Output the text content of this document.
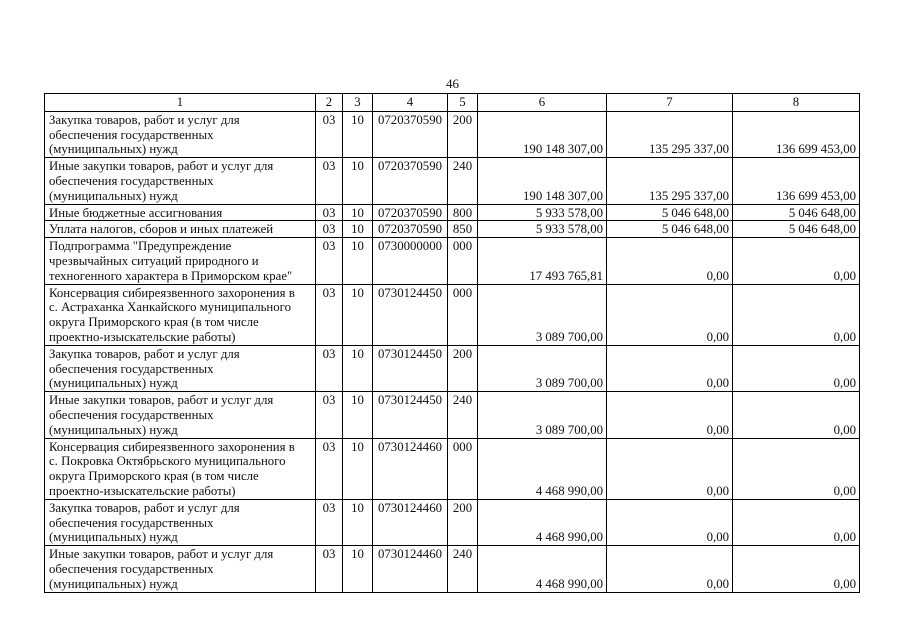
46
1	2	3	4	5	6	7	8

Закупка товаров, работ и услуг для
обеспечения государственных
(муниципальных) нужд	03	10	0720370590	200	190 148 307,00	135 295 337,00	136 699 453,00

Иные закупки товаров, работ и услуг для
обеспечения государственных
(муниципальных) нужд	03	10	0720370590	240	190 148 307,00	135 295 337,00	136 699 453,00

Иные бюджетные ассигнования	03	10	0720370590	800	5 933 578,00	5 046 648,00	5 046 648,00

Уплата налогов, сборов и иных платежей	03	10	0720370590	850	5 933 578,00	5 046 648,00	5 046 648,00

Подпрограмма "Предупреждение
чрезвычайных ситуаций природного и
техногенного характера в Приморском крае"	03	10	0730000000	000	17 493 765,81	0,00	0,00

Консервация сибиреязвенного захоронения в
с. Астраханка Ханкайского муниципального
округа Приморского края (в том числе
проектно-изыскательские работы)	03	10	0730124450	000	3 089 700,00	0,00	0,00

Закупка товаров, работ и услуг для
обеспечения государственных
(муниципальных) нужд	03	10	0730124450	200	3 089 700,00	0,00	0,00

Иные закупки товаров, работ и услуг для
обеспечения государственных
(муниципальных) нужд	03	10	0730124450	240	3 089 700,00	0,00	0,00

Консервация сибиреязвенного захоронения в
с. Покровка Октябрьского муниципального
округа Приморского края (в том числе
проектно-изыскательские работы)	03	10	0730124460	000	4 468 990,00	0,00	0,00

Закупка товаров, работ и услуг для
обеспечения государственных
(муниципальных) нужд	03	10	0730124460	200	4 468 990,00	0,00	0,00

Иные закупки товаров, работ и услуг для
обеспечения государственных
(муниципальных) нужд	03	10	0730124460	240	4 468 990,00	0,00	0,00
